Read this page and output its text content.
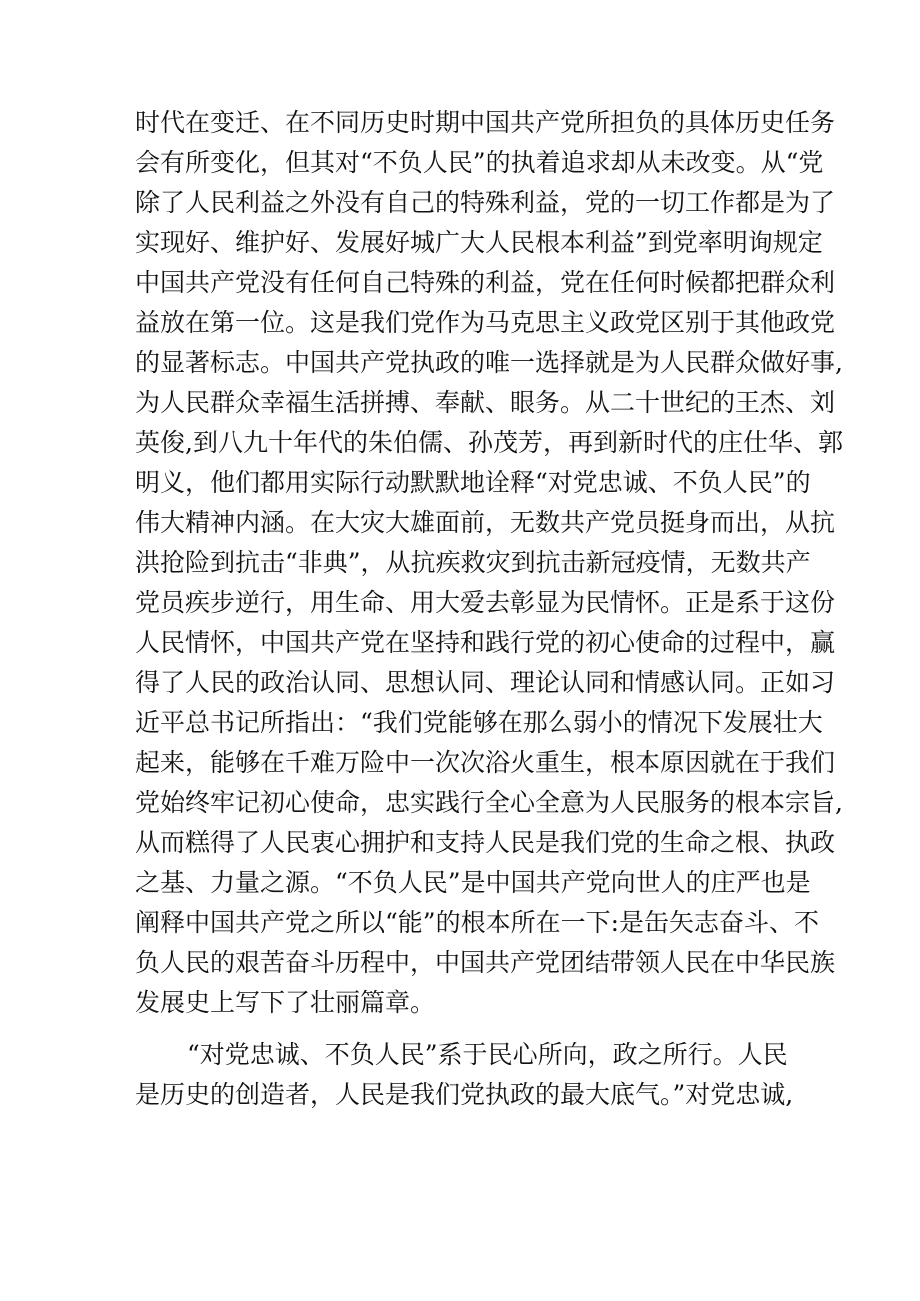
时代在变迁、在不同历史时期中国共产党所担负的具体历史任务
会有所变化，但其对“不负人民”的执着追求却从未改变。从“党
除了人民利益之外没有自己的特殊利益，党的一切工作都是为了
实现好、维护好、发展好城广大人民根本利益”到党率明询规定
中国共产党没有任何自己特殊的利益，党在任何时候都把群众利
益放在第一位。这是我们党作为马克思主义政党区别于其他政党
的显著标志。中国共产党执政的唯一选择就是为人民群众做好事,
为人民群众幸福生活拼搏、奉献、眼务。从二十世纪的王杰、刘
英俊,到八九十年代的朱伯儒、孙茂芳，再到新时代的庄仕华、郭
明义，他们都用实际行动默默地诠释“对党忠诚、不负人民”的
伟大精神内涵。在大灾大雄面前，无数共产党员挺身而出，从抗
洪抢险到抗击“非典”，从抗疾救灾到抗击新冠疫情，无数共产
党员疾步逆行，用生命、用大爱去彰显为民情怀。正是系于这份
人民情怀，中国共产党在坚持和践行党的初心使命的过程中，赢
得了人民的政治认同、思想认同、理论认同和情感认同。正如习
近平总书记所指出：“我们党能够在那么弱小的情况下发展壮大
起来，能够在千难万险中一次次浴火重生，根本原因就在于我们
党始终牢记初心使命，忠实践行全心全意为人民服务的根本宗旨,
从而糕得了人民衷心拥护和支持人民是我们党的生命之根、执政
之基、力量之源。“不负人民”是中国共产党向世人的庄严也是
阐释中国共产党之所以“能”的根本所在一下:是缶矢志奋斗、不
负人民的艰苦奋斗历程中，中国共产党团结带领人民在中华民族
发展史上写下了壮丽篇章。
“对党忠诚、不负人民”系于民心所向，政之所行。人民
是历史的创造者，人民是我们党执政的最大底气。”对党忠诚,
